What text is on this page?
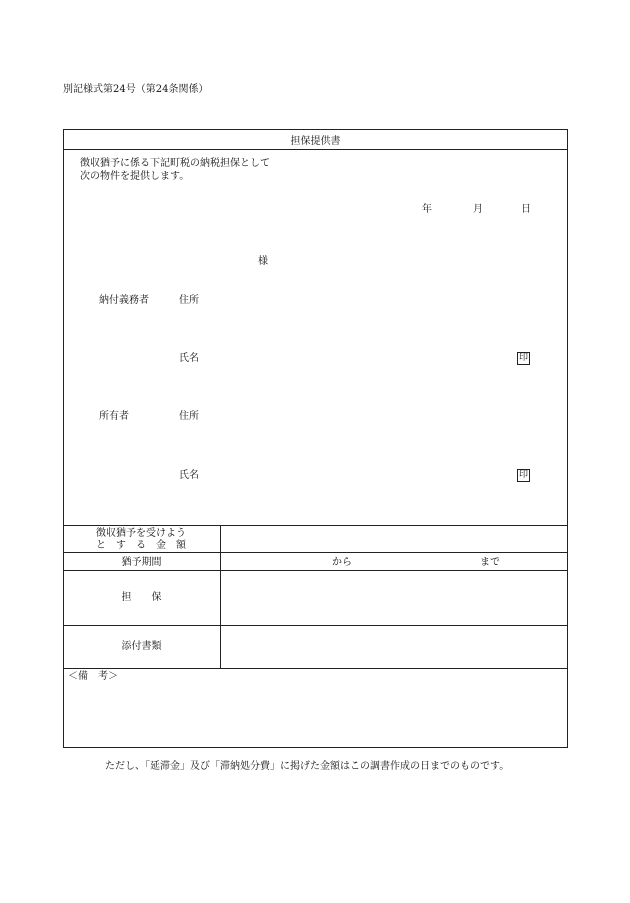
別記様式第24号（第24条関係）
担保提供書
徴収猶予に係る下記町税の納税担保として
次の物件を提供します。
年	月	日
様
納付義務者	住所
氏名	印
所有者	住所
氏名	印
徴収猶予を受けよう
と　す　る　金　額
猶予期間	から	まで
担　　保
添付書類
＜備　考＞
ただし、「延滞金」及び「滞納処分費」に掲げた金額はこの調書作成の日までのものです。
